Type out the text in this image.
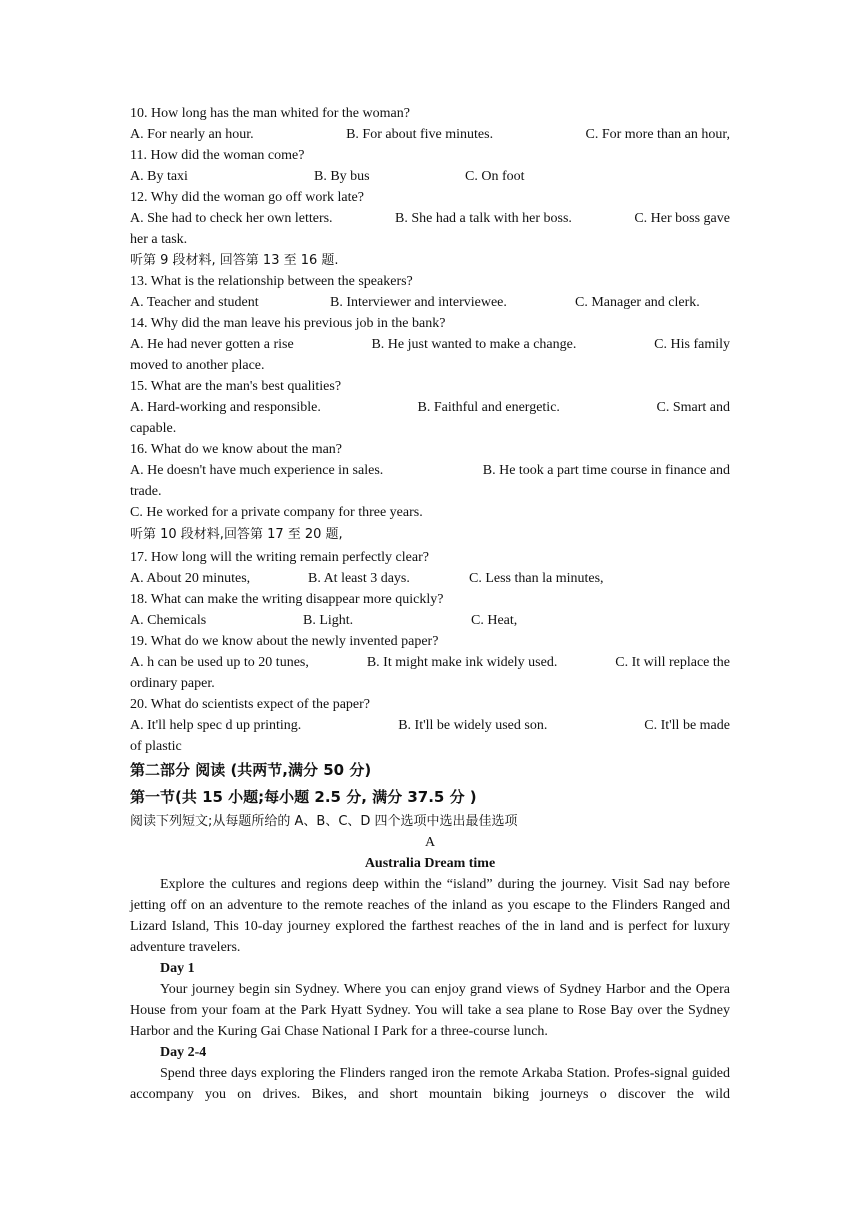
10. How long has the man whited for the woman?
A. For nearly an hour.	B. For about five minutes.	C. For more than an hour,
11. How did the woman come?
A. By taxi	B. By bus	C. On foot
12. Why did the woman go off work late?
A. She had to check her own letters.	B. She had a talk with her boss.	C. Her boss gave
her a task.
听第 9 段材料, 回答第 13 至 16 题.
13. What is the relationship between the speakers?
A. Teacher and student	B. Interviewer and interviewee.	C. Manager and clerk.
14. Why did the man leave his previous job in the bank?
A. He had never gotten a rise	B. He just wanted to make a change.	C. His family
moved to another place.
15. What are the man's best qualities?
A. Hard-working and responsible.	B. Faithful and energetic.	C. Smart and
capable.
16. What do we know about the man?
A. He doesn't have much experience in sales.	B. He took a part time course in finance and
trade.
C. He worked for a private company for three years.
听第 10 段材料,回答第 17 至 20 题,
17. How long will the writing remain perfectly clear?
A. About 20 minutes,	B. At least 3 days.	C. Less than la minutes,
18. What can make the writing disappear more quickly?
A. Chemicals	B. Light.	C. Heat,
19. What do we know about the newly invented paper?
A. h can be used up to 20 tunes,	B. It might make ink widely used.	C. It will replace the
ordinary paper.
20. What do scientists expect of the paper?
A. It'll help spec d up printing.	B. It'll be widely used son.	C. It'll be made
of plastic
第二部分 阅读 (共两节,满分 50 分)
第一节(共 15 小题;每小题 2.5 分, 满分 37.5 分 )
阅读下列短文;从每题所给的 A、B、C、D 四个选项中选出最佳选项
A
Australia Dream time
Explore the cultures and regions deep within the “island” during the journey. Visit Sad nay before jetting off on an adventure to the remote reaches of the inland as you escape to the Flinders Ranged and Lizard Island, This 10-day journey explored the farthest reaches of the in land and is perfect for luxury adventure travelers.
Day 1
Your journey begin sin Sydney. Where you can enjoy grand views of Sydney Harbor and the Opera House from your foam at the Park Hyatt Sydney. You will take a sea plane to Rose Bay over the Sydney Harbor and the Kuring Gai Chase National I Park for a three-course lunch.
Day 2-4
Spend three days exploring the Flinders ranged iron the remote Arkaba Station. Profes-signal guided accompany you on drives. Bikes, and short mountain biking journeys o discover the wild
